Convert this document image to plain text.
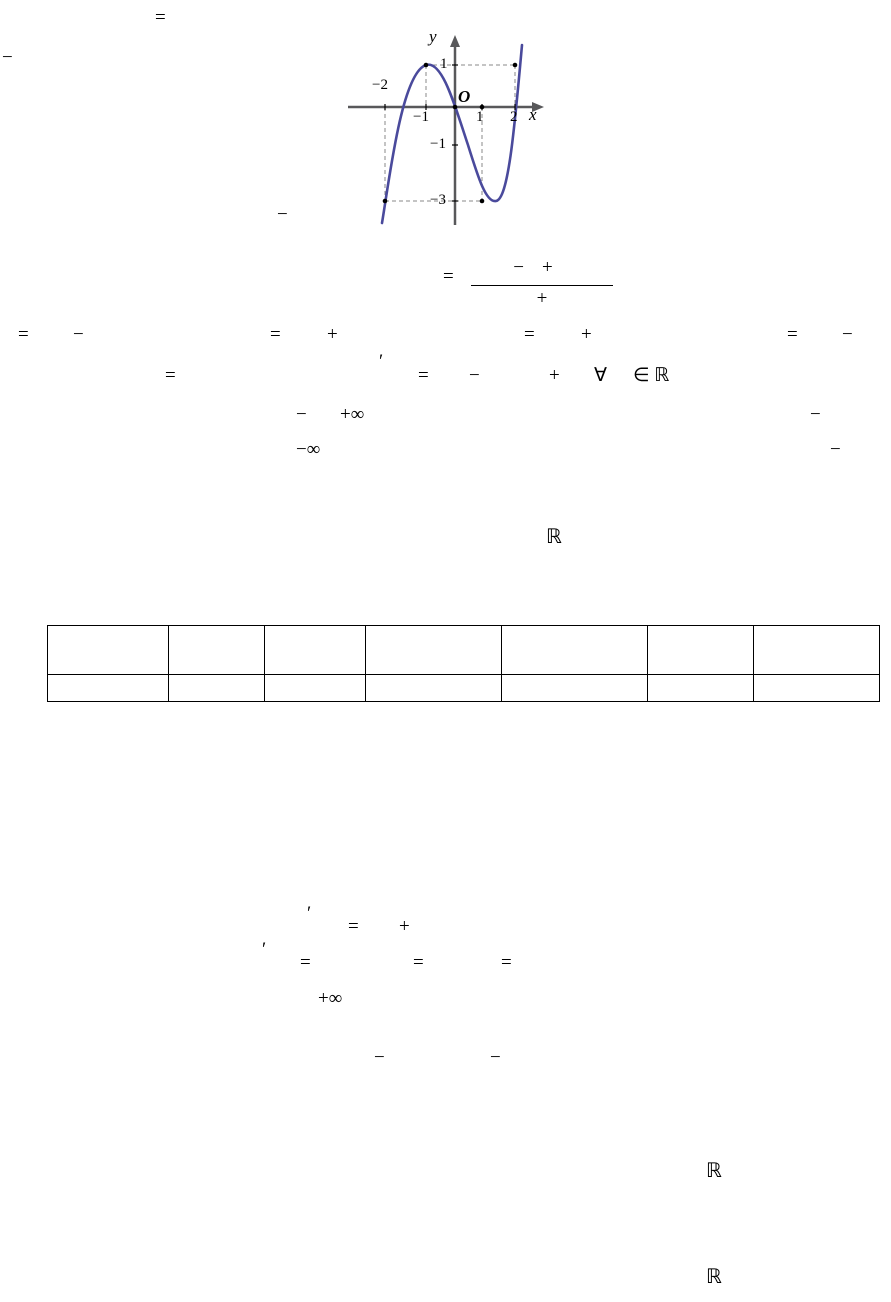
x
y
O
−2
−1	1 2
1
−1
−3

=

	−+

+

=
−
−
= −	= +	= +	= −
=
′
= −	+ ∀ ∈ ℝ
− +∞	−
−∞	−
ℝ
′
= +
′
=	=	=
+∞
−	−
ℝ
ℝ
